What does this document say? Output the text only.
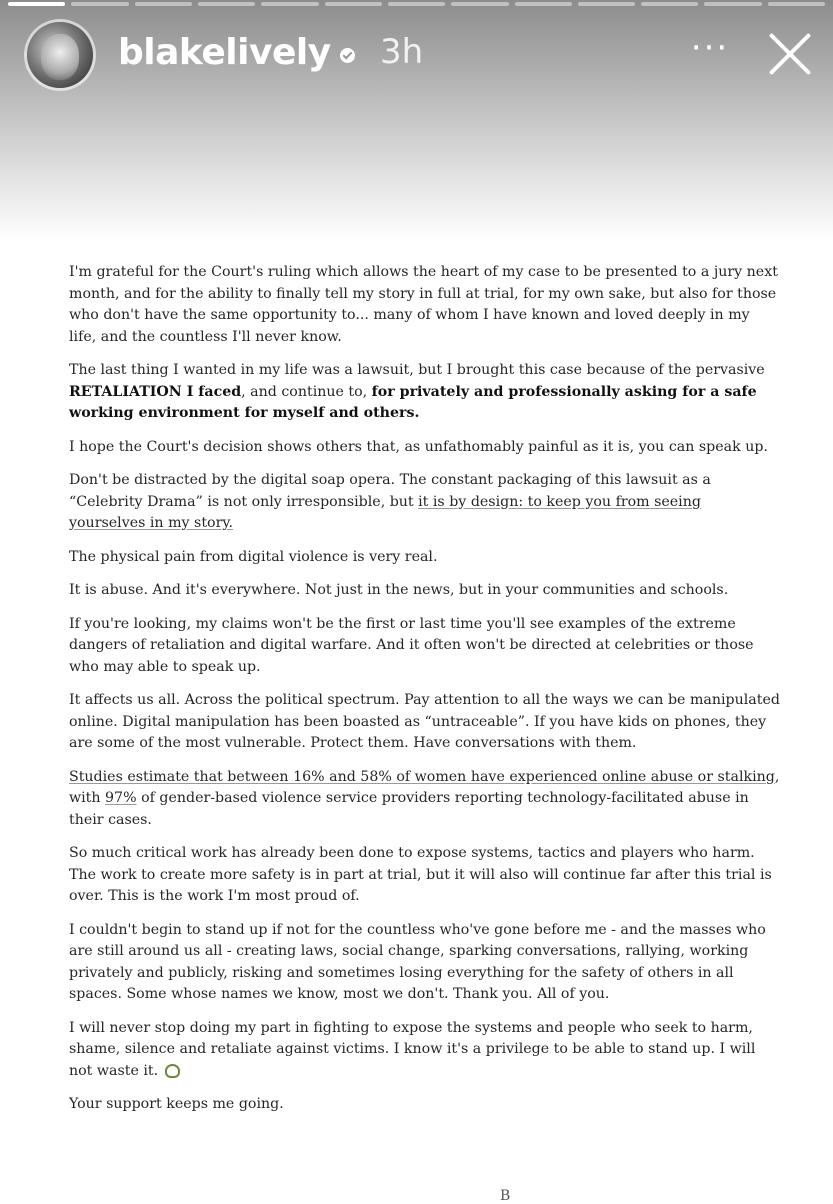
blakelively 3h	···

I'm grateful for the Court's ruling which allows the heart of my case to be presented to a jury next month, and for the ability to finally tell my story in full at trial, for my own sake, but also for those who don't have the same opportunity to... many of whom I have known and loved deeply in my life, and the countless I'll never know.

The last thing I wanted in my life was a lawsuit, but I brought this case because of the pervasive RETALIATION I faced, and continue to, for privately and professionally asking for a safe working environment for myself and others.

I hope the Court's decision shows others that, as unfathomably painful as it is, you can speak up.

Don't be distracted by the digital soap opera. The constant packaging of this lawsuit as a “Celebrity Drama” is not only irresponsible, but it is by design: to keep you from seeing yourselves in my story.

The physical pain from digital violence is very real.

It is abuse. And it's everywhere. Not just in the news, but in your communities and schools.

If you're looking, my claims won't be the first or last time you'll see examples of the extreme dangers of retaliation and digital warfare. And it often won't be directed at celebrities or those who may able to speak up.

It affects us all. Across the political spectrum. Pay attention to all the ways we can be manipulated online. Digital manipulation has been boasted as “untraceable”. If you have kids on phones, they are some of the most vulnerable. Protect them. Have conversations with them.

Studies estimate that between 16% and 58% of women have experienced online abuse or stalking, with 97% of gender-based violence service providers reporting technology-facilitated abuse in their cases.

So much critical work has already been done to expose systems, tactics and players who harm. The work to create more safety is in part at trial, but it will also will continue far after this trial is over. This is the work I'm most proud of.

I couldn't begin to stand up if not for the countless who've gone before me - and the masses who are still around us all - creating laws, social change, sparking conversations, rallying, working privately and publicly, risking and sometimes losing everything for the safety of others in all spaces. Some whose names we know, most we don't. Thank you. All of you.

I will never stop doing my part in fighting to expose the systems and people who seek to harm, shame, silence and retaliate against victims. I know it's a privilege to be able to stand up. I will not waste it.

Your support keeps me going.

B
